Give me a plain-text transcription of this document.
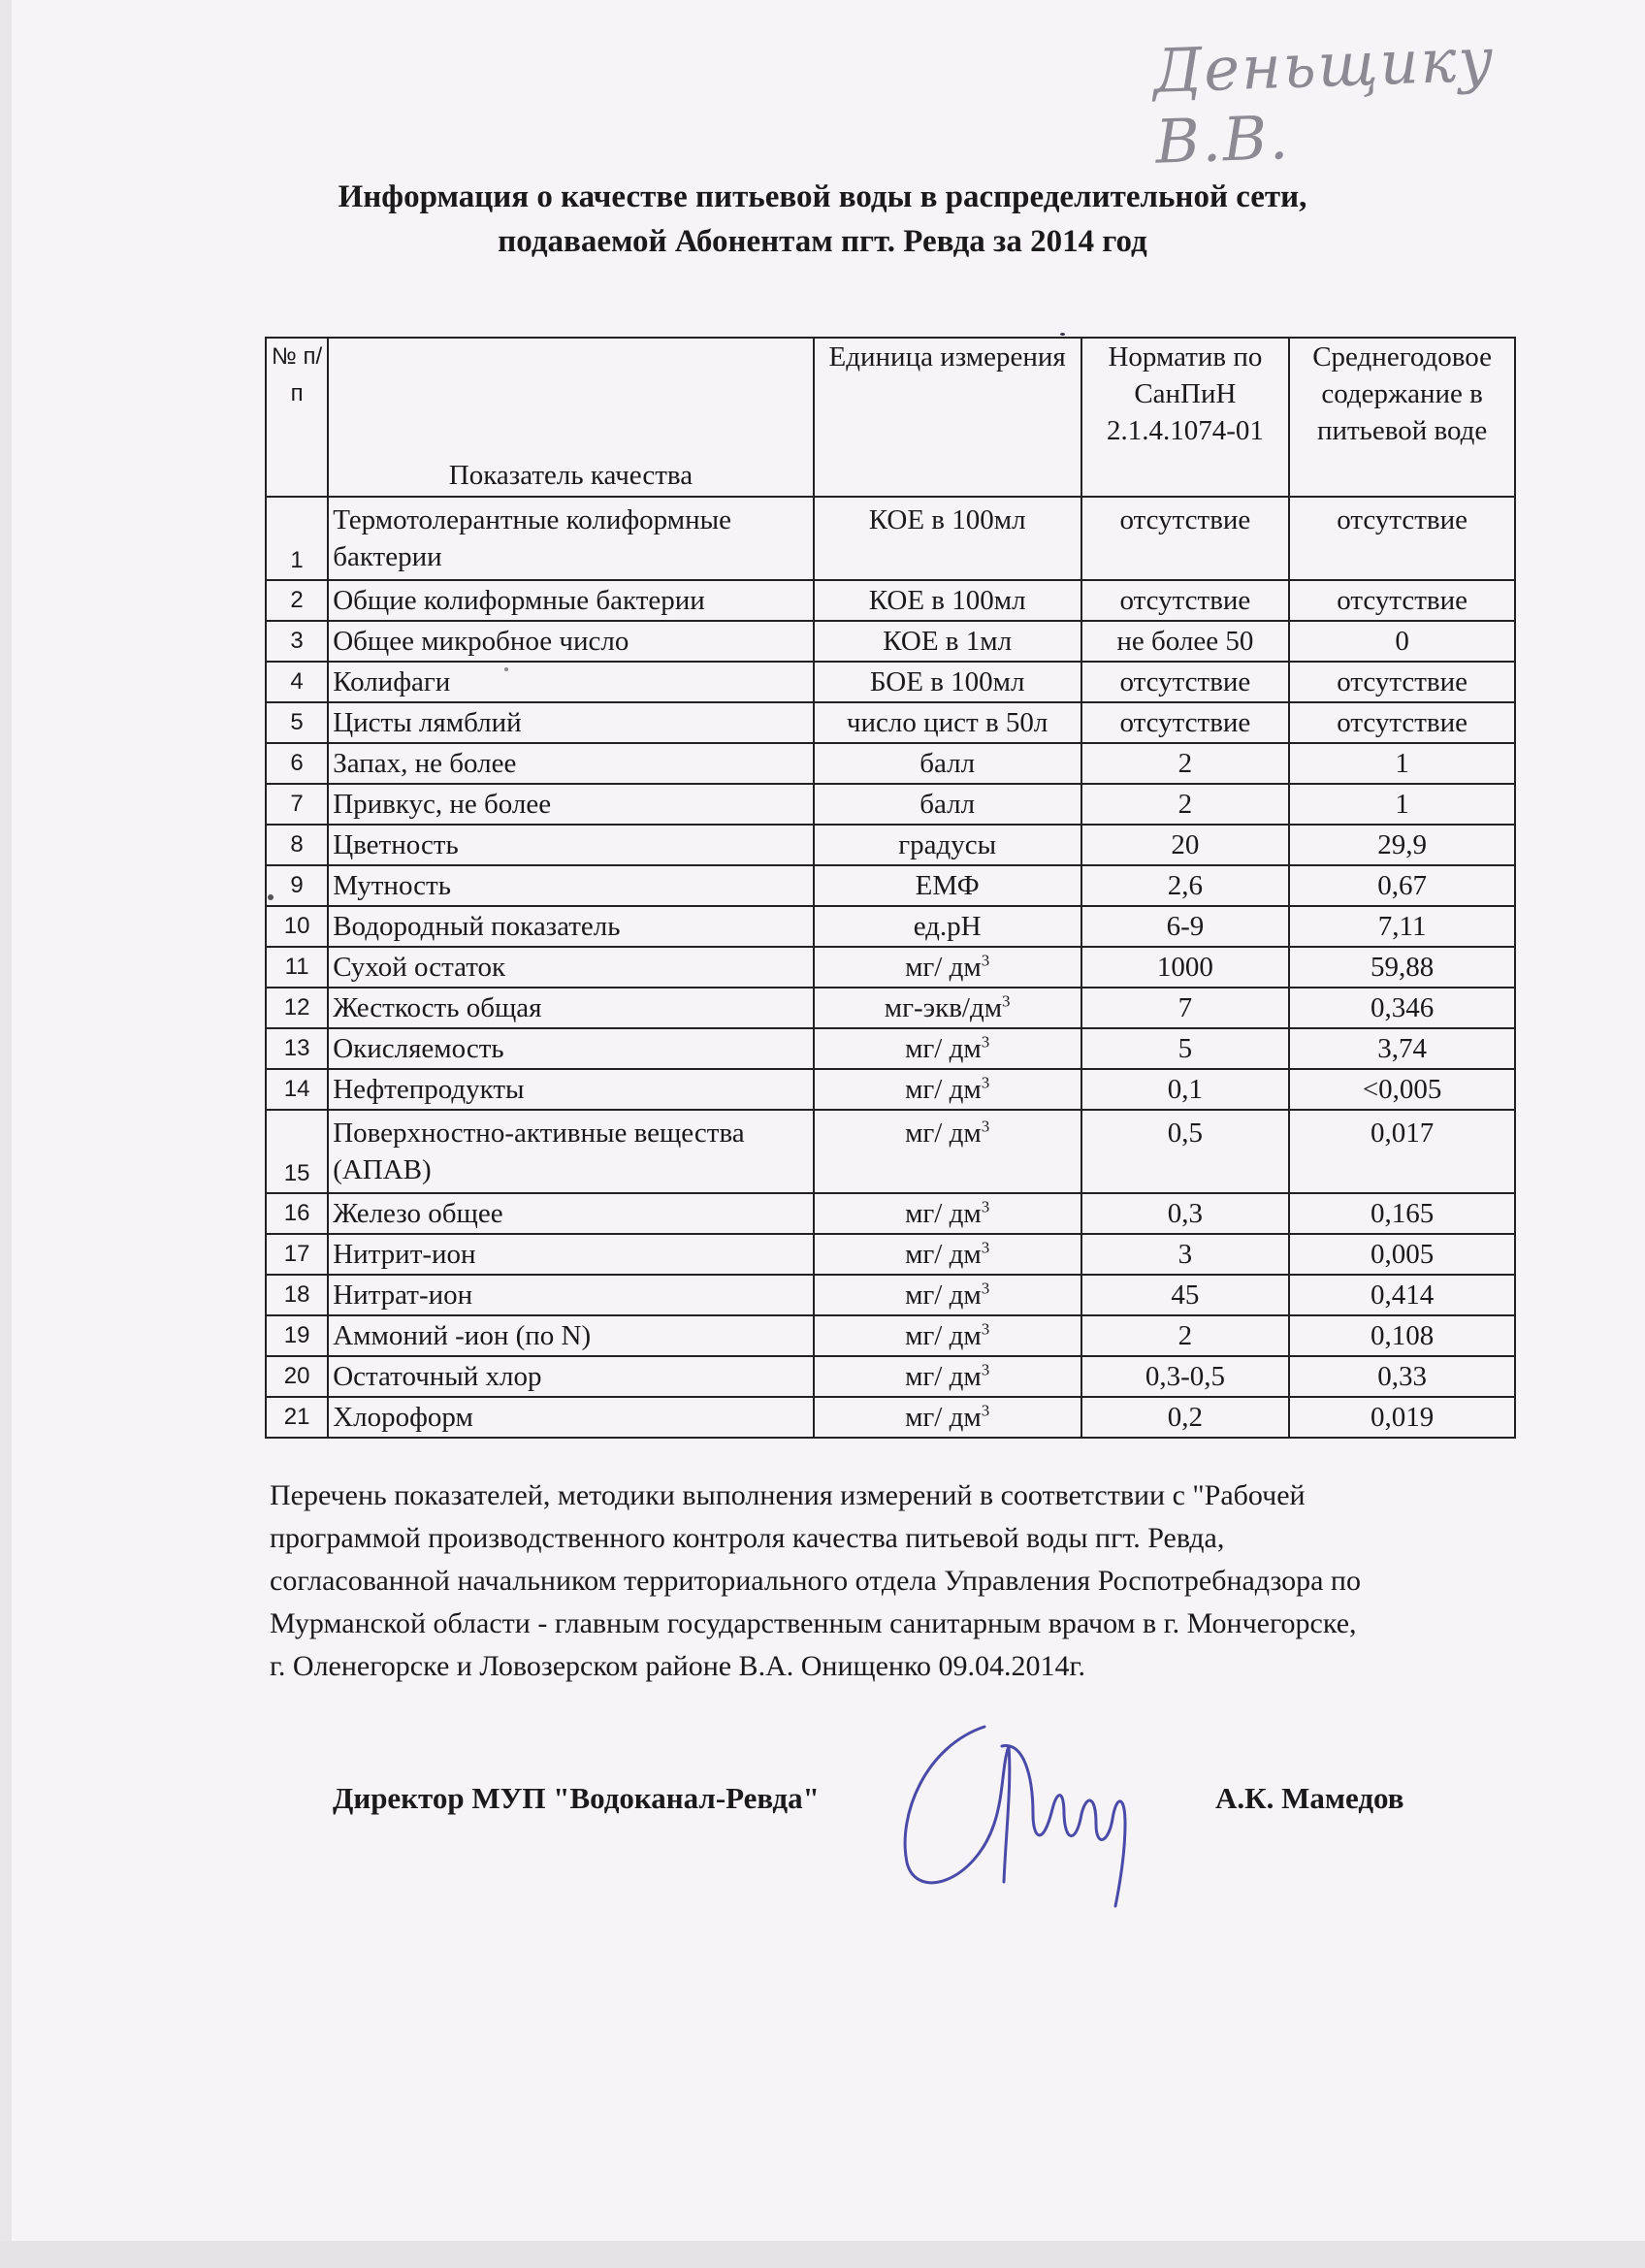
Деньщику В.В.
Информация о качестве питьевой воды в распределительной сети,
подаваемой Абонентам пгт. Ревда за 2014 год
№ п/п	Показатель качества	Единица измерения	Норматив по СанПиН 2.1.4.1074-01	Среднегодовое содержание в питьевой воде
1	Термотолерантные колиформные бактерии	КОЕ в 100мл	отсутствие	отсутствие
2	Общие колиформные бактерии	КОЕ в 100мл	отсутствие	отсутствие
3	Общее микробное число	КОЕ в 1мл	не более 50	0
4	Колифаги	БОЕ в 100мл	отсутствие	отсутствие
5	Цисты лямблий	число цист в 50л	отсутствие	отсутствие
6	Запах, не более	балл	2	1
7	Привкус, не более	балл	2	1
8	Цветность	градусы	20	29,9
9	Мутность	ЕМФ	2,6	0,67
10	Водородный показатель	ед.рН	6-9	7,11
11	Сухой остаток	мг/ $дм^3$	1000	59,88
12	Жесткость общая	$мг-экв/дм^3$	7	0,346
13	Окисляемость	мг/ $дм^3$	5	3,74
14	Нефтепродукты	мг/ $дм^3$	0,1	<0,005
15	Поверхностно-активные вещества (АПАВ)	мг/ $дм^3$	0,5	0,017
16	Железо общее	мг/ $дм^3$	0,3	0,165
17	Нитрит-ион	мг/ $дм^3$	3	0,005
18	Нитрат-ион	мг/ $дм^3$	45	0,414
19	Аммоний -ион (по N)	мг/ $дм^3$	2	0,108
20	Остаточный хлор	мг/ $дм^3$	0,3-0,5	0,33
21	Хлороформ	мг/ $дм^3$	0,2	0,019
Перечень показателей, методики выполнения измерений в соответствии с "Рабочей
программой производственного контроля качества питьевой воды пгт. Ревда,
согласованной начальником территориального отдела Управления Роспотребнадзора по
Мурманской области - главным государственным санитарным врачом в г. Мончегорске,
г. Оленегорске и Ловозерском районе В.А. Онищенко 09.04.2014г.
Директор МУП "Водоканал-Ревда"	А.К. Мамедов
